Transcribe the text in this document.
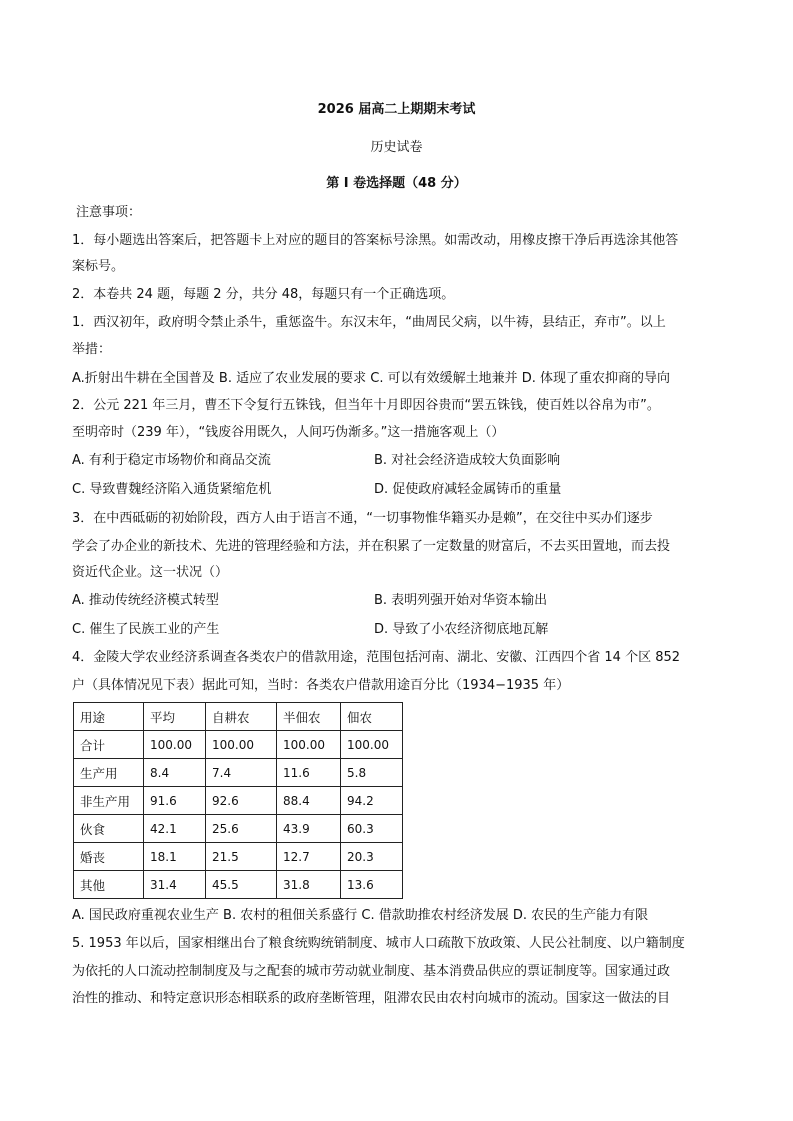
2026 届高二上期期末考试
历史试卷
第 I 卷选择题（48 分）
注意事项：
1．每小题选出答案后，把答题卡上对应的题目的答案标号涂黑。如需改动，用橡皮擦干净后再选涂其他答
案标号。
2．本卷共 24 题，每题 2 分，共分 48，每题只有一个正确选项。
1．西汉初年，政府明令禁止杀牛，重惩盗牛。东汉末年，“曲周民父病，以牛祷，县结正，弃市”。以上
举措：
A.折射出牛耕在全国普及 B. 适应了农业发展的要求 C. 可以有效缓解土地兼并 D. 体现了重农抑商的导向
2．公元 221 年三月，曹丕下令复行五铢钱，但当年十月即因谷贵而“罢五铢钱，使百姓以谷帛为市”。
至明帝时（239 年），“钱废谷用既久，人间巧伪渐多。”这一措施客观上（）
A. 有利于稳定市场物价和商品交流	B. 对社会经济造成较大负面影响
C. 导致曹魏经济陷入通货紧缩危机	D. 促使政府减轻金属铸币的重量
3．在中西砥砺的初始阶段，西方人由于语言不通，“一切事物惟华籍买办是赖”，在交往中买办们逐步
学会了办企业的新技术、先进的管理经验和方法，并在积累了一定数量的财富后，不去买田置地，而去投
资近代企业。这一状况（）
A. 推动传统经济模式转型	B. 表明列强开始对华资本输出
C. 催生了民族工业的产生	D. 导致了小农经济彻底地瓦解
4．金陵大学农业经济系调查各类农户的借款用途，范围包括河南、湖北、安徽、江西四个省 14 个区 852
户（具体情况见下表）据此可知，当时：各类农户借款用途百分比（1934−1935 年）
用途	平均	自耕农	半佃农	佃农
合计	100.00	100.00	100.00	100.00
生产用	8.4	7.4	11.6	5.8
非生产用	91.6	92.6	88.4	94.2
伙食	42.1	25.6	43.9	60.3
婚丧	18.1	21.5	12.7	20.3
其他	31.4	45.5	31.8	13.6
A. 国民政府重视农业生产 B. 农村的租佃关系盛行 C. 借款助推农村经济发展 D. 农民的生产能力有限
5. 1953 年以后，国家相继出台了粮食统购统销制度、城市人口疏散下放政策、人民公社制度、以户籍制度
为依托的人口流动控制制度及与之配套的城市劳动就业制度、基本消费品供应的票证制度等。国家通过政
治性的推动、和特定意识形态相联系的政府垄断管理，阻滞农民由农村向城市的流动。国家这一做法的目
